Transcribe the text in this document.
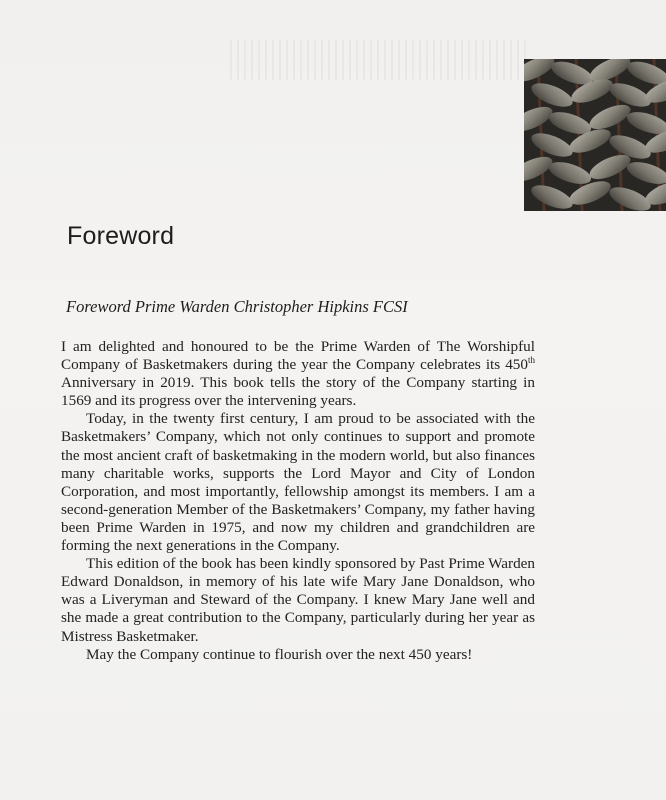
Foreword
Foreword Prime Warden Christopher Hipkins FCSI

I am delighted and honoured to be the Prime Warden of The Worshipful Company of Basketmakers during the year the Company celebrates its 450th Anniversary in 2019. This book tells the story of the Company starting in 1569 and its progress over the intervening years.

Today, in the twenty first century, I am proud to be associated with the Basketmakers’ Company, which not only continues to support and promote the most ancient craft of basketmaking in the modern world, but also finances many charitable works, supports the Lord Mayor and City of London Corporation, and most importantly, fellowship amongst its members. I am a second-generation Member of the Basketmakers’ Company, my father having been Prime Warden in 1975, and now my children and grandchildren are forming the next generations in the Company.

This edition of the book has been kindly sponsored by Past Prime Warden Edward Donaldson, in memory of his late wife Mary Jane Donaldson, who was a Liveryman and Steward of the Company. I knew Mary Jane well and she made a great contribution to the Company, particularly during her year as Mistress Basketmaker.

May the Company continue to flourish over the next 450 years!
